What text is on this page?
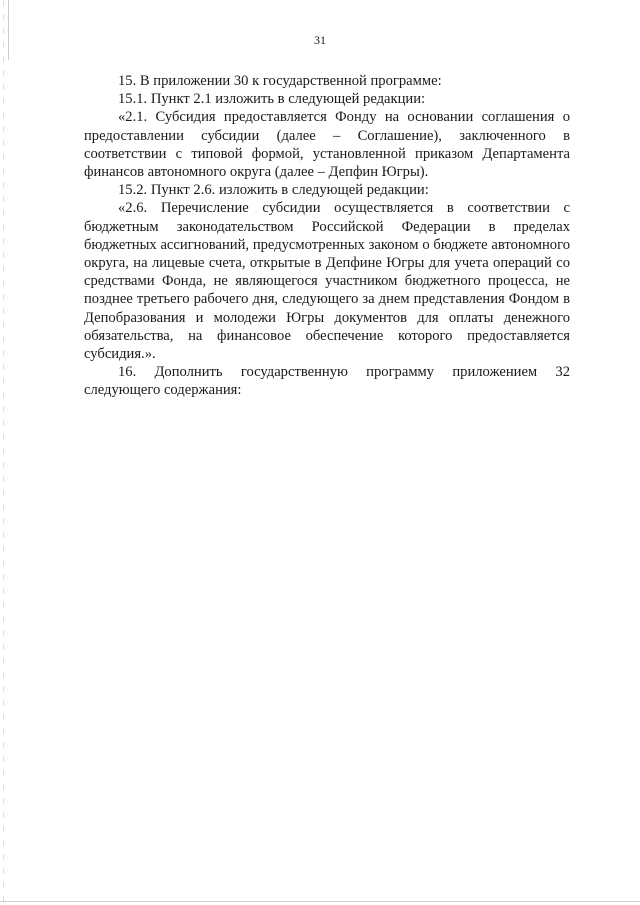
31

15. В приложении 30 к государственной программе:

15.1. Пункт 2.1 изложить в следующей редакции:

«2.1. Субсидия предоставляется Фонду на основании соглашения о предоставлении субсидии (далее – Соглашение), заключенного в соответствии с типовой формой, установленной приказом Департамента финансов автономного округа (далее – Депфин Югры).

15.2. Пункт 2.6. изложить в следующей редакции:

«2.6. Перечисление субсидии осуществляется в соответствии с бюджетным законодательством Российской Федерации в пределах бюджетных ассигнований, предусмотренных законом о бюджете автономного округа, на лицевые счета, открытые в Депфине Югры для учета операций со средствами Фонда, не являющегося участником бюджетного процесса, не позднее третьего рабочего дня, следующего за днем представления Фондом в Депобразования и молодежи Югры документов для оплаты денежного обязательства, на финансовое обеспечение которого предоставляется субсидия.».

16. Дополнить государственную программу приложением 32 следующего содержания:
